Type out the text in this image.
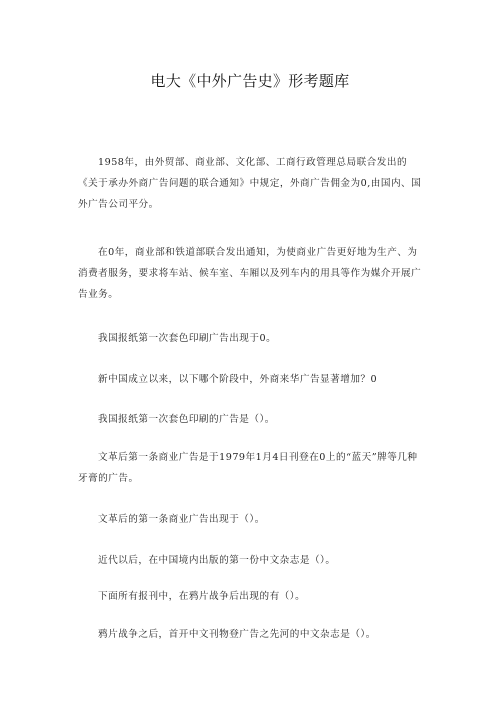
电大《中外广告史》形考题库

1958年，由外贸部、商业部、文化部、工商行政管理总局联合发出的《关于承办外商广告问题的联合通知》中规定，外商广告佣金为0,由国内、国外广告公司平分。

在0年，商业部和铁道部联合发出通知，为使商业广告更好地为生产、为消费者服务，要求将车站、候车室、车厢以及列车内的用具等作为媒介开展广告业务。

我国报纸第一次套色印刷广告出现于0。

新中国成立以来，以下哪个阶段中，外商来华广告显著增加？0

我国报纸第一次套色印刷的广告是（）。

文革后第一条商业广告是于1979年1月4日刊登在0上的“蓝天”牌等几种牙膏的广告。

文革后的第一条商业广告出现于（）。

近代以后，在中国境内出版的第一份中文杂志是（）。

下面所有报刊中，在鸦片战争后出现的有（）。

鸦片战争之后，首开中文刊物登广告之先河的中文杂志是（）。
